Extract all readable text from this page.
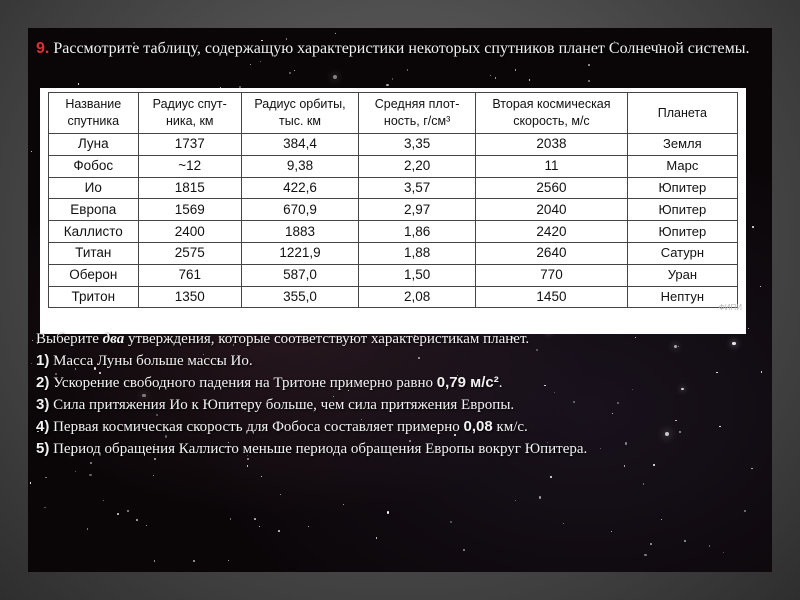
9. Рассмотрите таблицу, содержащую характеристики некоторых спутников планет Солнечной системы.
Название спутника	Радиус спут-ника, км	Радиус орбиты, тыс. км	Средняя плот-ность, г/см³	Вторая космическая скорость, м/с	Планета
Луна	1737	384,4	3,35	2038	Земля
Фобос	~12	9,38	2,20	11	Марс
Ио	1815	422,6	3,57	2560	Юпитер
Европа	1569	670,9	2,97	2040	Юпитер
Каллисто	2400	1883	1,86	2420	Юпитер
Титан	2575	1221,9	1,88	2640	Сатурн
Оберон	761	587,0	1,50	770	Уран
Тритон	1350	355,0	2,08	1450	Нептун
ФИПИ
Выберите два утверждения, которые соответствуют характеристикам планет.
1) Масса Луны больше массы Ио.
2) Ускорение свободного падения на Тритоне примерно равно 0,79 м/с².
3) Сила притяжения Ио к Юпитеру больше, чем сила притяжения Европы.
4) Первая космическая скорость для Фобоса составляет примерно 0,08 км/с.
5) Период обращения Каллисто меньше периода обращения Европы вокруг Юпитера.
